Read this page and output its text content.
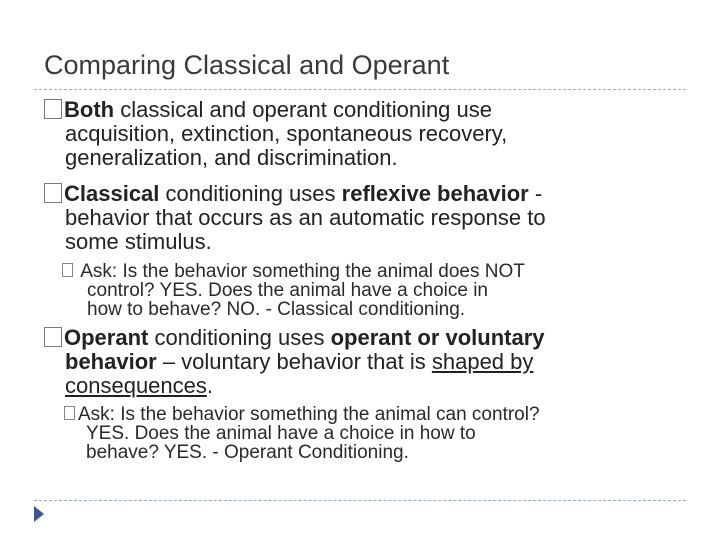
Comparing Classical and Operant
Both classical and operant conditioning use
acquisition, extinction, spontaneous recovery,
generalization, and discrimination.
Classical conditioning uses reflexive behavior -
behavior that occurs as an automatic response to
some stimulus.
Ask: Is the behavior something the animal does NOT
control? YES. Does the animal have a choice in
how to behave? NO. - Classical conditioning.
Operant conditioning uses operant or voluntary
behavior – voluntary behavior that is shaped by
consequences.
Ask: Is the behavior something the animal can control?
YES. Does the animal have a choice in how to
behave? YES. - Operant Conditioning.
